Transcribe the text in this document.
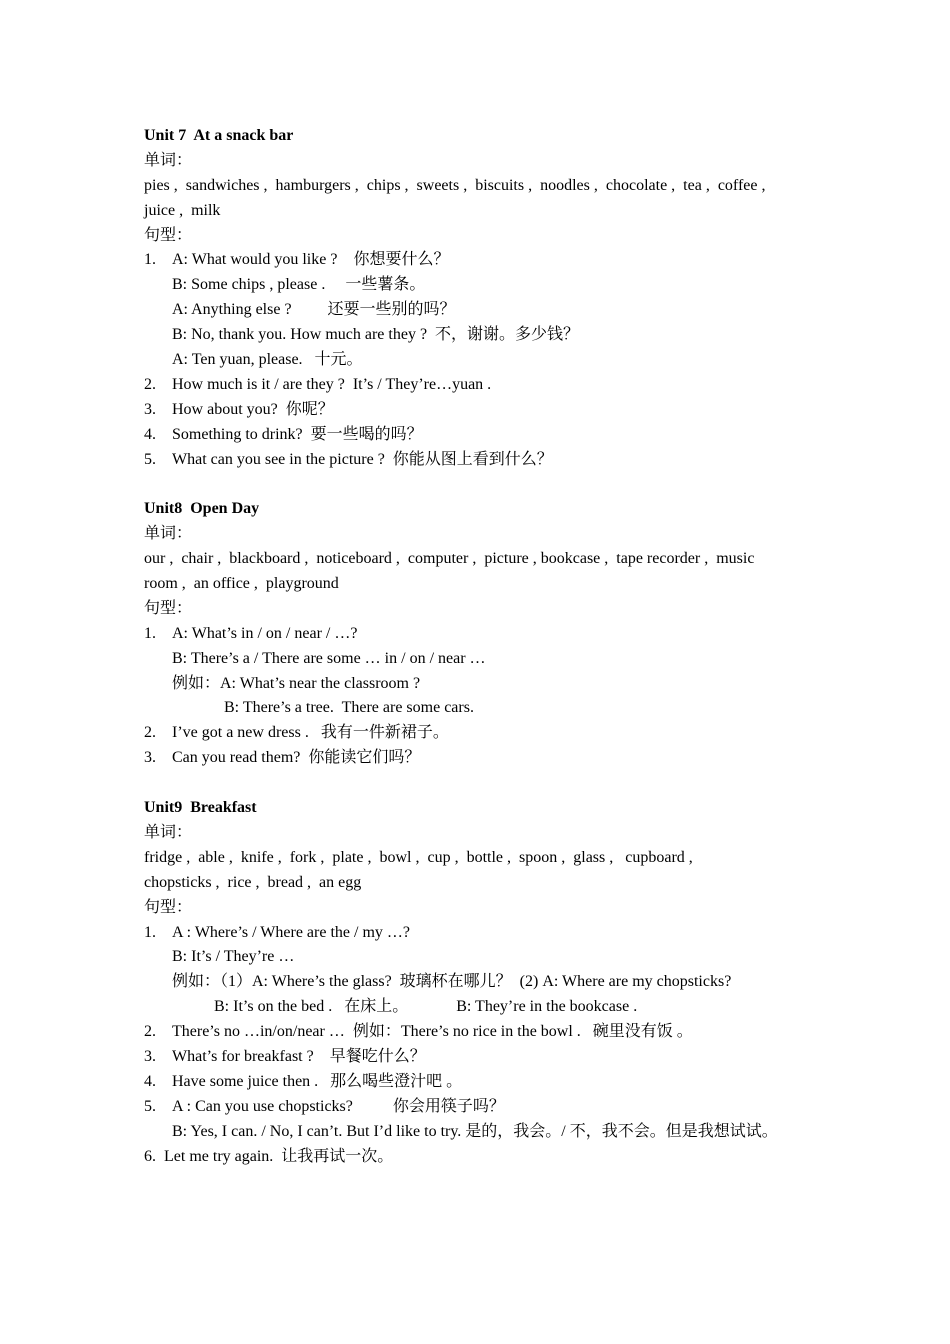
Unit 7  At a snack bar
单词：
pies ,  sandwiches ,  hamburgers ,  chips ,  sweets ,  biscuits ,  noodles ,  chocolate ,  tea ,  coffee ,
juice ,  milk
句型：
1. A: What would you like ?    你想要什么？
B: Some chips , please .     一些薯条。
A: Anything else ?         还要一些别的吗？
B: No, thank you. How much are they ?  不，谢谢。多少钱？
A: Ten yuan, please.   十元。
2. How much is it / are they ?  It’s / They’re…yuan .
3. How about you?  你呢？
4. Something to drink?  要一些喝的吗？
5. What can you see in the picture ?  你能从图上看到什么？
Unit8  Open Day
单词：
our ,  chair ,  blackboard ,  noticeboard ,  computer ,  picture , bookcase ,  tape recorder ,  music
room ,  an office ,  playground
句型：
1. A: What’s in / on / near / …?
B: There’s a / There are some … in / on / near …
例如：A: What’s near the classroom ?
B: There’s a tree.  There are some cars.
2. I’ve got a new dress .   我有一件新裙子。
3. Can you read them?  你能读它们吗？
Unit9  Breakfast
单词：
fridge ,  able ,  knife ,  fork ,  plate ,  bowl ,  cup ,  bottle ,  spoon ,  glass ,   cupboard ,
chopsticks ,  rice ,  bread ,  an egg
句型：
1. A : Where’s / Where are the / my …?
B: It’s / They’re …
例如：（1）A: Where’s the glass?  玻璃杯在哪儿？  (2) A: Where are my chopsticks?
B: It’s on the bed .   在床上。            B: They’re in the bookcase .
2. There’s no …in/on/near …  例如：There’s no rice in the bowl .   碗里没有饭 。
3. What’s for breakfast ?    早餐吃什么？
4. Have some juice then .   那么喝些澄汁吧 。
5. A : Can you use chopsticks?          你会用筷子吗？
B: Yes, I can. / No, I can’t. But I’d like to try. 是的，我会。/ 不，我不会。但是我想试试。
6.  Let me try again.  让我再试一次。
